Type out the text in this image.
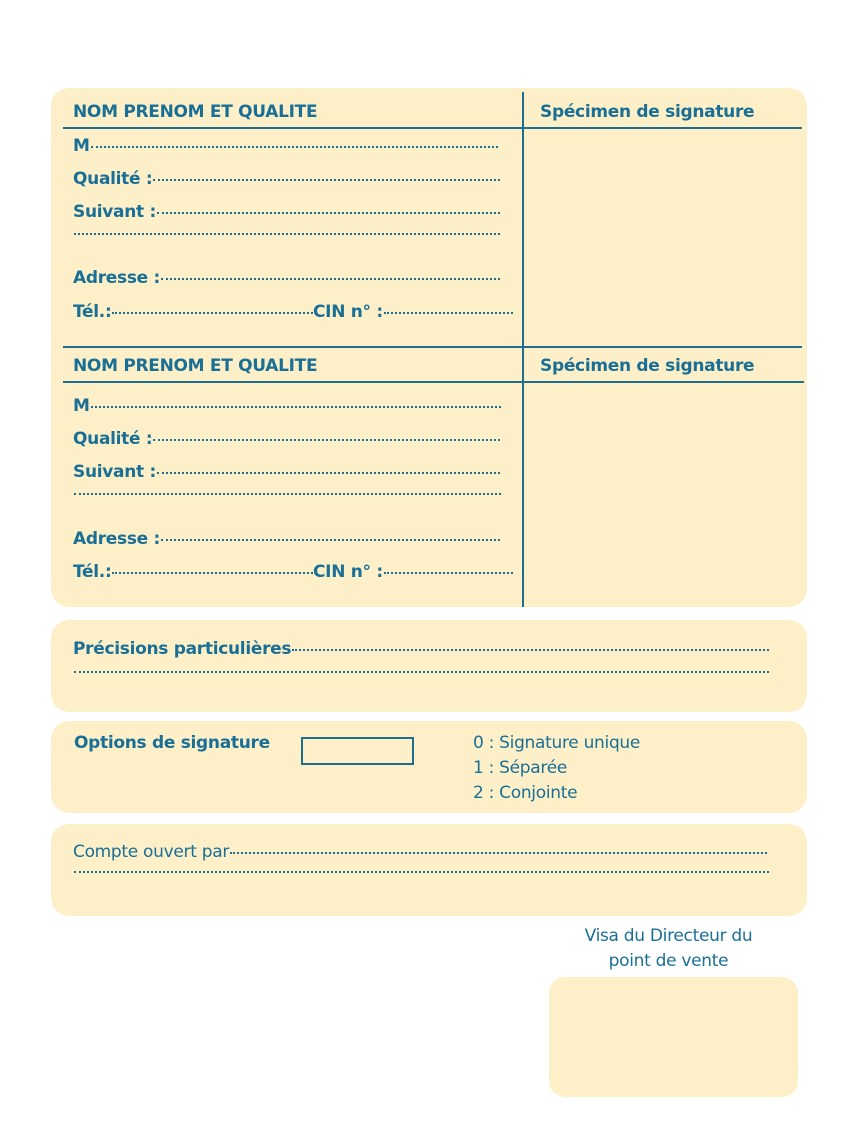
NOM PRENOM ET QUALITE	Spécimen de signature
M
Qualité :
Suivant :
Adresse :
Tél.:	CIN n° :
NOM PRENOM ET QUALITE	Spécimen de signature
M
Qualité :
Suivant :
Adresse :
Tél.:	CIN n° :
Précisions particulières
Options de signature	0 : Signature unique
1 : Séparée
2 : Conjointe
Compte ouvert par
Visa du Directeur du
point de vente
